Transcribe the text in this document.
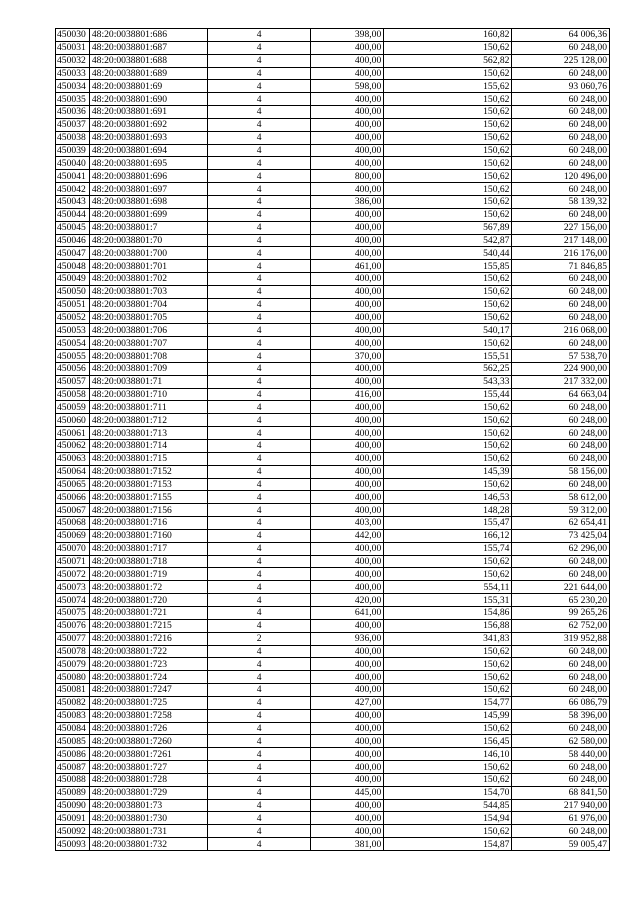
450030	48:20:0038801:686	4	398,00	160,82	64 006,36
450031	48:20:0038801:687	4	400,00	150,62	60 248,00
450032	48:20:0038801:688	4	400,00	562,82	225 128,00
450033	48:20:0038801:689	4	400,00	150,62	60 248,00
450034	48:20:0038801:69	4	598,00	155,62	93 060,76
450035	48:20:0038801:690	4	400,00	150,62	60 248,00
450036	48:20:0038801:691	4	400,00	150,62	60 248,00
450037	48:20:0038801:692	4	400,00	150,62	60 248,00
450038	48:20:0038801:693	4	400,00	150,62	60 248,00
450039	48:20:0038801:694	4	400,00	150,62	60 248,00
450040	48:20:0038801:695	4	400,00	150,62	60 248,00
450041	48:20:0038801:696	4	800,00	150,62	120 496,00
450042	48:20:0038801:697	4	400,00	150,62	60 248,00
450043	48:20:0038801:698	4	386,00	150,62	58 139,32
450044	48:20:0038801:699	4	400,00	150,62	60 248,00
450045	48:20:0038801:7	4	400,00	567,89	227 156,00
450046	48:20:0038801:70	4	400,00	542,87	217 148,00
450047	48:20:0038801:700	4	400,00	540,44	216 176,00
450048	48:20:0038801:701	4	461,00	155,85	71 846,85
450049	48:20:0038801:702	4	400,00	150,62	60 248,00
450050	48:20:0038801:703	4	400,00	150,62	60 248,00
450051	48:20:0038801:704	4	400,00	150,62	60 248,00
450052	48:20:0038801:705	4	400,00	150,62	60 248,00
450053	48:20:0038801:706	4	400,00	540,17	216 068,00
450054	48:20:0038801:707	4	400,00	150,62	60 248,00
450055	48:20:0038801:708	4	370,00	155,51	57 538,70
450056	48:20:0038801:709	4	400,00	562,25	224 900,00
450057	48:20:0038801:71	4	400,00	543,33	217 332,00
450058	48:20:0038801:710	4	416,00	155,44	64 663,04
450059	48:20:0038801:711	4	400,00	150,62	60 248,00
450060	48:20:0038801:712	4	400,00	150,62	60 248,00
450061	48:20:0038801:713	4	400,00	150,62	60 248,00
450062	48:20:0038801:714	4	400,00	150,62	60 248,00
450063	48:20:0038801:715	4	400,00	150,62	60 248,00
450064	48:20:0038801:7152	4	400,00	145,39	58 156,00
450065	48:20:0038801:7153	4	400,00	150,62	60 248,00
450066	48:20:0038801:7155	4	400,00	146,53	58 612,00
450067	48:20:0038801:7156	4	400,00	148,28	59 312,00
450068	48:20:0038801:716	4	403,00	155,47	62 654,41
450069	48:20:0038801:7160	4	442,00	166,12	73 425,04
450070	48:20:0038801:717	4	400,00	155,74	62 296,00
450071	48:20:0038801:718	4	400,00	150,62	60 248,00
450072	48:20:0038801:719	4	400,00	150,62	60 248,00
450073	48:20:0038801:72	4	400,00	554,11	221 644,00
450074	48:20:0038801:720	4	420,00	155,31	65 230,20
450075	48:20:0038801:721	4	641,00	154,86	99 265,26
450076	48:20:0038801:7215	4	400,00	156,88	62 752,00
450077	48:20:0038801:7216	2	936,00	341,83	319 952,88
450078	48:20:0038801:722	4	400,00	150,62	60 248,00
450079	48:20:0038801:723	4	400,00	150,62	60 248,00
450080	48:20:0038801:724	4	400,00	150,62	60 248,00
450081	48:20:0038801:7247	4	400,00	150,62	60 248,00
450082	48:20:0038801:725	4	427,00	154,77	66 086,79
450083	48:20:0038801:7258	4	400,00	145,99	58 396,00
450084	48:20:0038801:726	4	400,00	150,62	60 248,00
450085	48:20:0038801:7260	4	400,00	156,45	62 580,00
450086	48:20:0038801:7261	4	400,00	146,10	58 440,00
450087	48:20:0038801:727	4	400,00	150,62	60 248,00
450088	48:20:0038801:728	4	400,00	150,62	60 248,00
450089	48:20:0038801:729	4	445,00	154,70	68 841,50
450090	48:20:0038801:73	4	400,00	544,85	217 940,00
450091	48:20:0038801:730	4	400,00	154,94	61 976,00
450092	48:20:0038801:731	4	400,00	150,62	60 248,00
450093	48:20:0038801:732	4	381,00	154,87	59 005,47
